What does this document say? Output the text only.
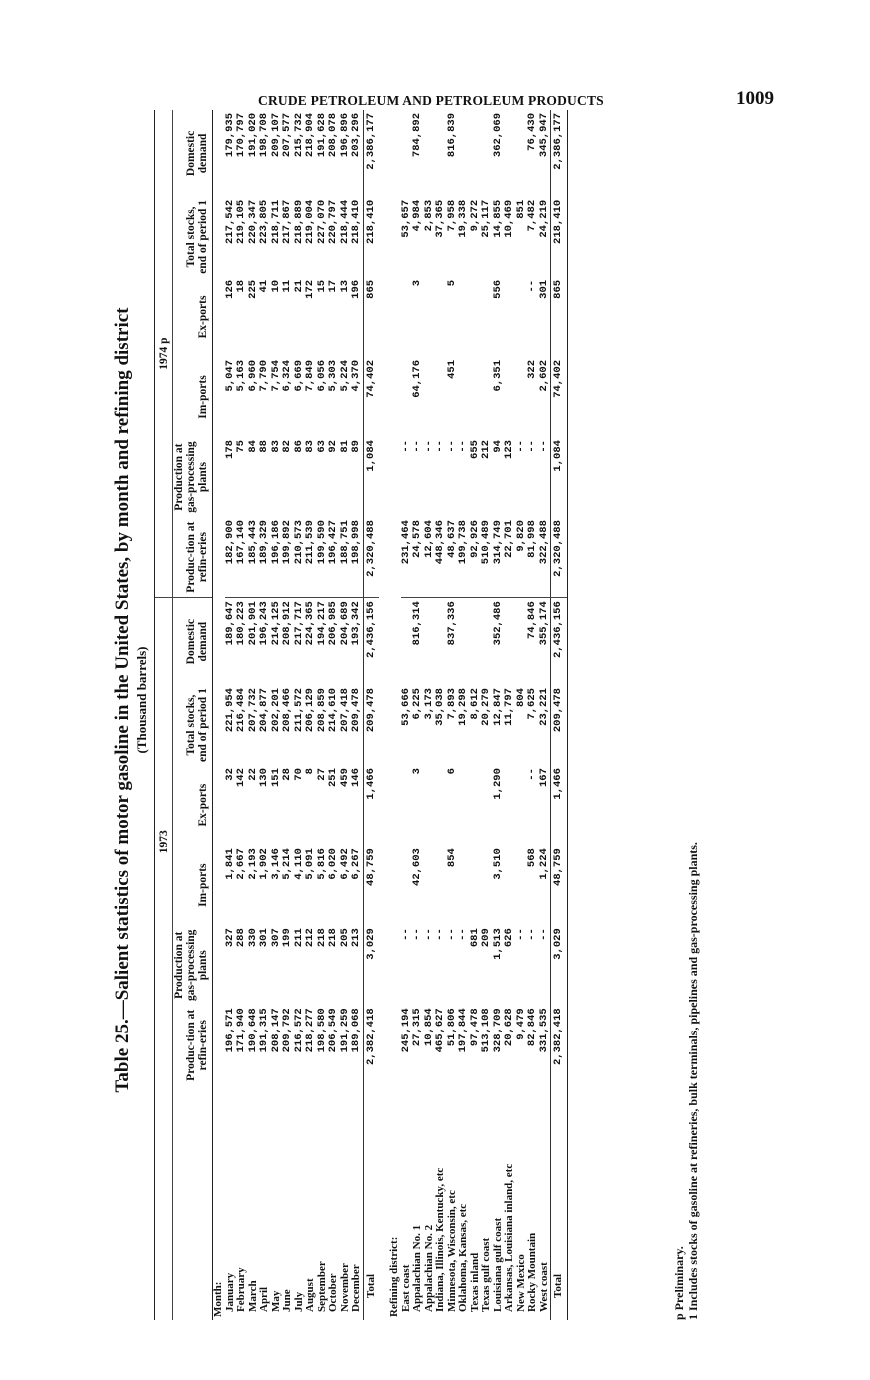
CRUDE PETROLEUM AND PETROLEUM PRODUCTS	1009
Table 25.—Salient statistics of motor gasoline in the United States, by month and refining district (Thousand barrels)
	1973						1974 p					
	Produc-tion at refin-eries	Production at gas-processing plants	Im-ports	Ex-ports	Total stocks, end of period 1	Domestic demand	Produc-tion at refin-eries	Production at gas-processing plants	Im-ports	Ex-ports	Total stocks, end of period 1	Domestic demand
Month:												
January	196,571	327	1,841	32	221,954	189,647	182,900	178	5,047	126	217,542	179,935
February	171,940	288	2,667	142	216,484	180,223	167,140	75	5,163	18	219,105	170,797
March	190,648	330	2,193	22	207,732	201,901	185,443	84	6,960	225	220,347	191,020
April	191,315	301	1,902	130	204,877	196,243	189,329	88	7,790	41	223,805	198,708
May	208,147	307	3,146	151	202,201	214,125	196,186	83	7,754	10	218,711	209,107
June	209,792	199	5,214	28	208,466	208,912	199,892	82	6,324	11	217,867	207,577
July	216,572	211	4,110	70	211,572	217,717	210,573	86	6,669	21	218,889	215,732
August	218,277	212	5,091	8	206,129	224,365	211,539	83	7,849	172	219,004	218,904
September	198,580	218	5,816	27	208,859	194,217	199,590	63	6,056	15	227,070	191,628
October	206,549	218	6,020	251	214,610	206,985	196,427	92	5,303	17	220,797	208,078
November	191,259	205	6,492	459	207,418	204,689	188,751	81	5,224	13	218,444	196,896
December	189,068	213	6,267	146	209,478	193,342	198,998	89	4,370	196	218,410	203,296
Total	2,382,418	3,029	48,759	1,466	209,478	2,436,156	2,320,488	1,084	74,402	865	218,410	2,386,177

Refining district:												
East coast	245,194	--			53,666		231,464	--			53,657	
Appalachian No. 1	27,315	--	42,603	3	6,225	816,314	24,578	--	64,176	3	4,984	784,892
Appalachian No. 2	10,854	--			3,173		12,604	--			2,853	
Indiana, Illinois, Kentucky, etc	465,627	--			35,038		448,346	--			37,365	
Minnesota, Wisconsin, etc	51,806	--	854	6	7,893	837,336	48,637	--	451	5	7,958	816,839
Oklahoma, Kansas, etc	197,844	--			19,298		199,738	--			19,338	
Texas inland	97,478	681			8,612		92,926	655			9,272	
Texas gulf coast	513,108	209			20,279		510,489	212			25,117	
Louisiana gulf coast	328,709	1,513	3,510	1,290	12,847	352,486	314,749	94	6,351	556	14,855	362,069
Arkansas, Louisiana inland, etc	20,628	626			11,797		22,701	123			10,469	
New Mexico	9,479	--			804		9,820	--			851	
Rocky Mountain	82,846	--	568	--	7,625	74,846	81,998	--	322	--	7,482	76,430
West coast	331,535	--	1,224	167	23,221	355,174	322,488	--	2,602	301	24,219	345,947
Total	2,382,418	3,029	48,759	1,466	209,478	2,436,156	2,320,488	1,084	74,402	865	218,410	2,386,177
p Preliminary. 1 Includes stocks of gasoline at refineries, bulk terminals, pipelines and gas-processing plants.
